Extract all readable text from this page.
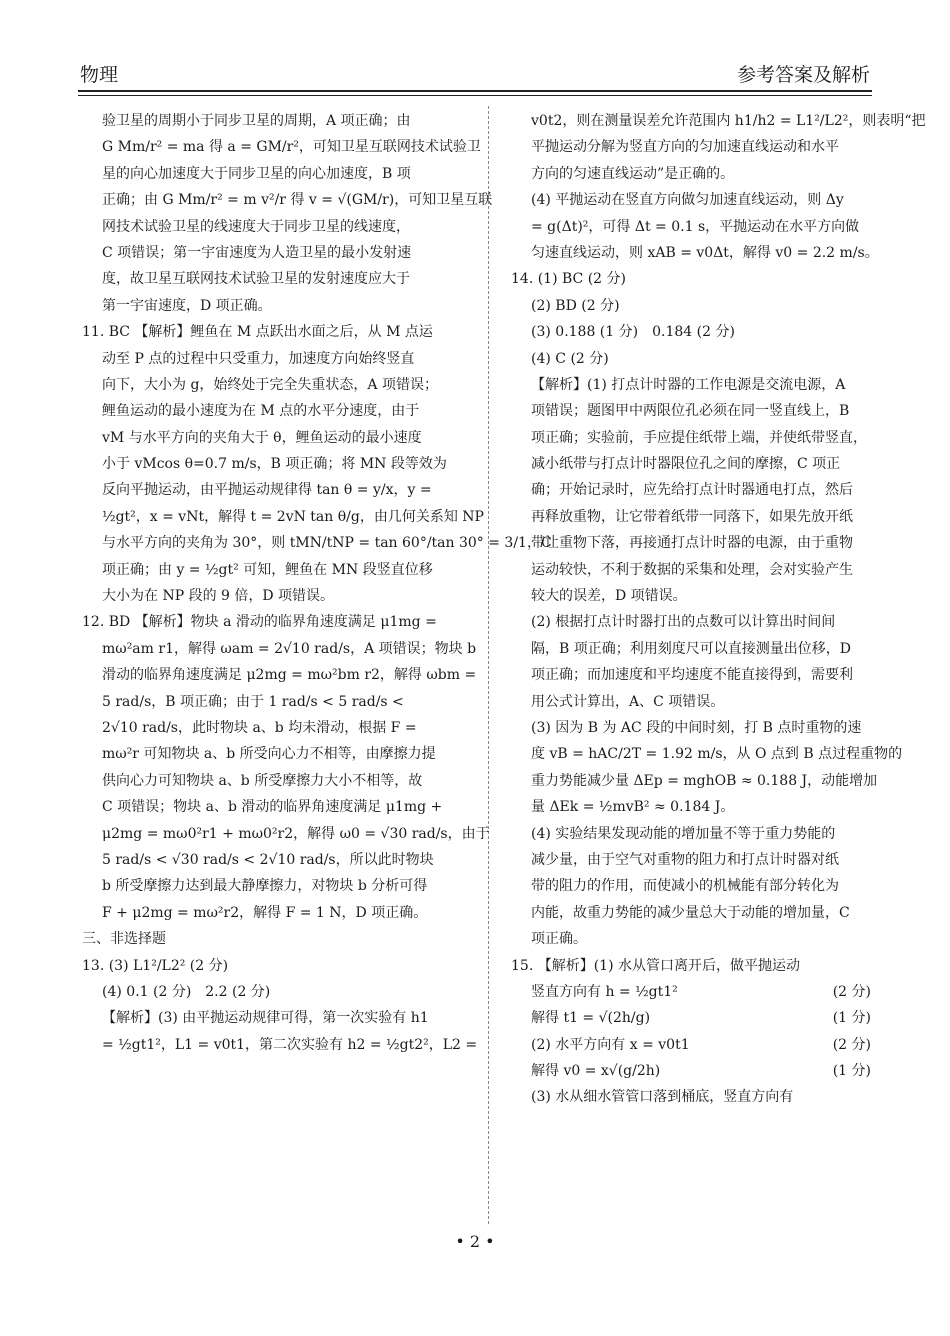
物理	参考答案及解析
验卫星的周期小于同步卫星的周期，A 项正确；由
G Mm/r² = ma 得 a = GM/r²，可知卫星互联网技术试验卫
星的向心加速度大于同步卫星的向心加速度，B 项
正确；由 G Mm/r² = m v²/r 得 v = √(GM/r)，可知卫星互联
网技术试验卫星的线速度大于同步卫星的线速度，
C 项错误；第一宇宙速度为人造卫星的最小发射速
度，故卫星互联网技术试验卫星的发射速度应大于
第一宇宙速度，D 项正确。
11. BC 【解析】鲤鱼在 M 点跃出水面之后，从 M 点运
动至 P 点的过程中只受重力，加速度方向始终竖直
向下，大小为 g，始终处于完全失重状态，A 项错误；
鲤鱼运动的最小速度为在 M 点的水平分速度，由于
vM 与水平方向的夹角大于 θ，鲤鱼运动的最小速度
小于 vMcos θ=0.7 m/s，B 项正确；将 MN 段等效为
反向平抛运动，由平抛运动规律得 tan θ = y/x，y =
½gt²，x = vNt，解得 t = 2vN tan θ/g，由几何关系知 NP
与水平方向的夹角为 30°，则 tMN/tNP = tan 60°/tan 30° = 3/1，C
项正确；由 y = ½gt² 可知，鲤鱼在 MN 段竖直位移
大小为在 NP 段的 9 倍，D 项错误。
12. BD 【解析】物块 a 滑动的临界角速度满足 μ1mg =
mω²am r1，解得 ωam = 2√10 rad/s，A 项错误；物块 b
滑动的临界角速度满足 μ2mg = mω²bm r2，解得 ωbm =
5 rad/s，B 项正确；由于 1 rad/s < 5 rad/s <
2√10 rad/s，此时物块 a、b 均未滑动，根据 F =
mω²r 可知物块 a、b 所受向心力不相等，由摩擦力提
供向心力可知物块 a、b 所受摩擦力大小不相等，故
C 项错误；物块 a、b 滑动的临界角速度满足 μ1mg +
μ2mg = mω0²r1 + mω0²r2，解得 ω0 = √30 rad/s，由于
5 rad/s < √30 rad/s < 2√10 rad/s，所以此时物块
b 所受摩擦力达到最大静摩擦力，对物块 b 分析可得
F + μ2mg = mω²r2，解得 F = 1 N，D 项正确。
三、非选择题
13. (3) L1²/L2² (2 分)
(4) 0.1 (2 分)　2.2 (2 分)
【解析】(3) 由平抛运动规律可得，第一次实验有 h1
= ½gt1²，L1 = v0t1，第二次实验有 h2 = ½gt2²，L2 =
v0t2，则在测量误差允许范围内 h1/h2 = L1²/L2²，则表明“把
平抛运动分解为竖直方向的匀加速直线运动和水平
方向的匀速直线运动”是正确的。
(4) 平抛运动在竖直方向做匀加速直线运动，则 Δy
= g(Δt)²，可得 Δt = 0.1 s，平抛运动在水平方向做
匀速直线运动，则 xAB = v0Δt，解得 v0 = 2.2 m/s。
14. (1) BC (2 分)
(2) BD (2 分)
(3) 0.188 (1 分)　0.184 (2 分)
(4) C (2 分)
【解析】(1) 打点计时器的工作电源是交流电源，A
项错误；题图甲中两限位孔必须在同一竖直线上，B
项正确；实验前，手应提住纸带上端，并使纸带竖直，
减小纸带与打点计时器限位孔之间的摩擦，C 项正
确；开始记录时，应先给打点计时器通电打点，然后
再释放重物，让它带着纸带一同落下，如果先放开纸
带让重物下落，再接通打点计时器的电源，由于重物
运动较快，不利于数据的采集和处理，会对实验产生
较大的误差，D 项错误。
(2) 根据打点计时器打出的点数可以计算出时间间
隔，B 项正确；利用刻度尺可以直接测量出位移，D
项正确；而加速度和平均速度不能直接得到，需要利
用公式计算出，A、C 项错误。
(3) 因为 B 为 AC 段的中间时刻，打 B 点时重物的速
度 vB = hAC/2T = 1.92 m/s，从 O 点到 B 点过程重物的
重力势能减少量 ΔEp = mghOB ≈ 0.188 J，动能增加
量 ΔEk = ½mvB² ≈ 0.184 J。
(4) 实验结果发现动能的增加量不等于重力势能的
减少量，由于空气对重物的阻力和打点计时器对纸
带的阻力的作用，而使减小的机械能有部分转化为
内能，故重力势能的减少量总大于动能的增加量，C
项正确。
15. 【解析】(1) 水从管口离开后，做平抛运动
竖直方向有 h = ½gt1²	(2 分)
解得 t1 = √(2h/g)	(1 分)
(2) 水平方向有 x = v0t1	(2 分)
解得 v0 = x√(g/2h)	(1 分)
(3) 水从细水管管口落到桶底，竖直方向有
• 2 •
